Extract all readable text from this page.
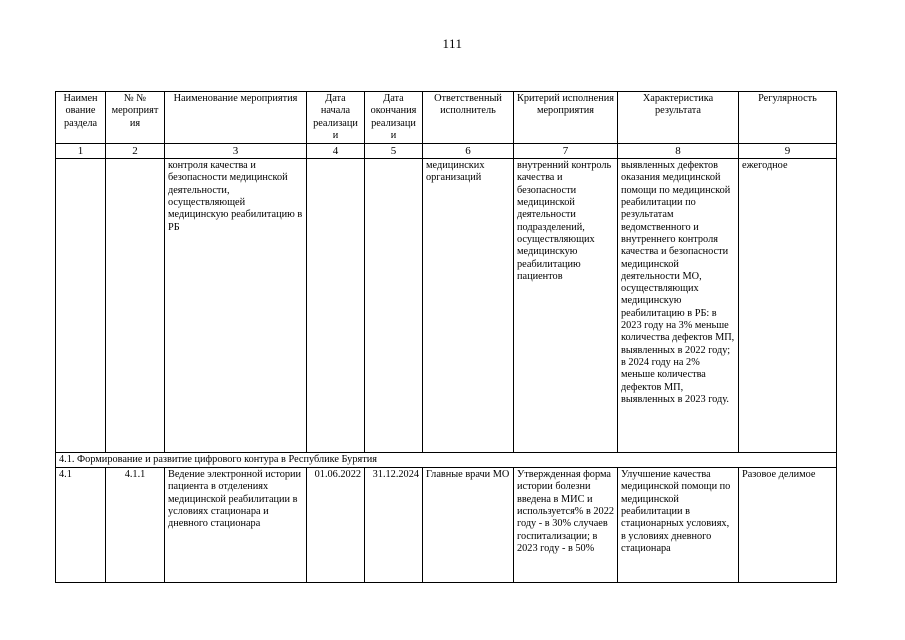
111
Наимен ование раздела	№ № мероприят ия	Наименование мероприятия	Дата начала реализаци и	Дата окончания реализаци и	Ответственный исполнитель	Критерий исполнения мероприятия	Характеристика результата	Регулярность
1	2	3	4	5	6	7	8	9
		контроля качества и безопасности медицинской деятельности, осуществляющей медицинскую реабилитацию в РБ			медицинских организаций	внутренний контроль качества и безопасности медицинской деятельности подразделений, осуществляющих медицинскую реабилитацию пациентов	выявленных дефектов оказания медицинской помощи по медицинской реабилитации по результатам ведомственного и внутреннего контроля качества и безопасности медицинской деятельности МО, осуществляющих медицинскую реабилитацию в РБ: в 2023 году на 3% меньше количества дефектов МП, выявленных в 2022 году; в 2024 году на 2% меньше количества дефектов МП, выявленных в 2023 году.	ежегодное
4.1. Формирование и развитие цифрового контура в Республике Бурятия								
4.1	4.1.1	Ведение электронной истории пациента в отделениях медицинской реабилитации в условиях стационара и дневного стационара	01.06.2022	31.12.2024	Главные врачи МО	Утвержденная форма истории болезни введена в МИС и используется% в 2022 году - в 30% случаев госпитализации; в 2023 году - в 50%	Улучшение качества медицинской помощи по медицинской реабилитации в стационарных условиях, в условиях дневного стационара	Разовое делимое
